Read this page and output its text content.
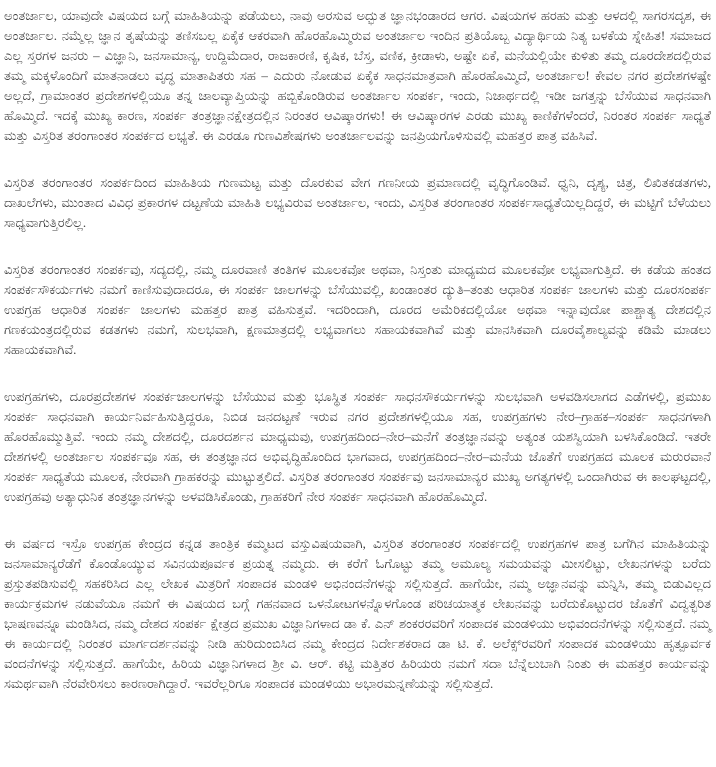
ಅಂತರ್ಜಾಲ, ಯಾವುದೇ ವಿಷಯದ ಬಗ್ಗೆ ಮಾಹಿತಿಯನ್ನು ಪಡೆಯಲು, ನಾವು ಅರಸುವ ಅದ್ಭುತ ಜ್ಞಾನಭಂಡಾರದ ಆಗರ. ವಿಷಯಗಳ ಹರಹು ಮತ್ತು ಆಳದಲ್ಲಿ ಸಾಗರಸದೃಶ, ಈ ಅಂತರ್ಜಾಲ. ನಮ್ಮೆಲ್ಲ ಜ್ಞಾನ ತೃಷೆಯನ್ನು ತಣಿಸಬಲ್ಲ ಏಕೈಕ ಆಕರವಾಗಿ ಹೊರಹೊಮ್ಮಿರುವ ಅಂತರ್ಜಾಲ ಇಂದಿನ ಪ್ರತಿಯೊಬ್ಬ ವಿದ್ಯಾರ್ಥಿಯ ನಿತ್ಯ ಬಳಕೆಯ ಸ್ನೇಹಿತ! ಸಮಾಜದ ಎಲ್ಲ ಸ್ತರಗಳ ಜನರು – ವಿಜ್ಞಾನಿ, ಜನಸಾಮಾನ್ಯ, ಉದ್ದಿಮೆದಾರ, ರಾಜಕಾರಣಿ, ಕೃಷಿಕ, ಬೆಸ್ತ, ವಣಿಕ, ಕ್ರೀಡಾಳು, ಅಷ್ಟೇ ಏಕೆ, ಮನೆಯಲ್ಲಿಯೇ ಕುಳಿತು ತಮ್ಮ ದೂರದೇಶದಲ್ಲಿರುವ ತಮ್ಮ ಮಕ್ಕಳೊಂದಿಗೆ ಮಾತನಾಡಲು ವೃದ್ಧ ಮಾತಾಪಿತರು ಸಹ – ಎದುರು ನೋಡುವ ಏಕೈಕ ಸಾಧನಮಾತ್ರವಾಗಿ ಹೊರಹೊಮ್ಮಿದೆ, ಅಂತರ್ಜಾಲ! ಕೇವಲ ನಗರ ಪ್ರದೇಶಗಳಷ್ಟೇ ಅಲ್ಲದೆ, ಗ್ರಾಮಾಂತರ ಪ್ರದೇಶಗಳಲ್ಲಿಯೂ ತನ್ನ ಜಾಲವ್ಯಾಪ್ತಿಯನ್ನು ಹಬ್ಬಿಕೊಂಡಿರುವ ಅಂತರ್ಜಾಲ ಸಂಪರ್ಕ, ಇಂದು, ನಿಜಾರ್ಥದಲ್ಲಿ ಇಡೀ ಜಗತ್ತನ್ನು ಬೆಸೆಯುವ ಸಾಧನವಾಗಿ ಹೊಮ್ಮಿದೆ. ಇದಕ್ಕೆ ಮುಖ್ಯ ಕಾರಣ, ಸಂಪರ್ಕ ತಂತ್ರಜ್ಞಾನಕ್ಷೇತ್ರದಲ್ಲಿನ ನಿರಂತರ ಆವಿಷ್ಕಾರಗಳು! ಈ ಆವಿಷ್ಕಾರಗಳ ಎರಡು ಮುಖ್ಯ ಕಾಣಿಕೆಗಳೆಂದರೆ, ನಿರಂತರ ಸಂಪರ್ಕ ಸಾಧ್ಯತೆ ಮತ್ತು ವಿಸ್ತರಿತ ತರಂಗಾಂತರ ಸಂಪರ್ಕದ ಲಭ್ಯತೆ. ಈ ಎರಡೂ ಗುಣವಿಶೇಷಗಳು ಅಂತರ್ಜಾಲವನ್ನು ಜನಪ್ರಿಯಗೊಳಿಸುವಲ್ಲಿ ಮಹತ್ತರ ಪಾತ್ರ ವಹಿಸಿವೆ.

ವಿಸ್ತರಿತ ತರಂಗಾಂತರ ಸಂಪರ್ಕದಿಂದ ಮಾಹಿತಿಯ ಗುಣಮಟ್ಟ ಮತ್ತು ದೊರಕುವ ವೇಗ ಗಣನೀಯ ಪ್ರಮಾಣದಲ್ಲಿ ವೃದ್ಧಿಗೊಂಡಿವೆ. ಧ್ವನಿ, ದೃಶ್ಯ, ಚಿತ್ರ, ಲಿಖಿತಕಡತಗಳು, ದಾಖಲೆಗಳು, ಮುಂತಾದ ವಿವಿಧ ಪ್ರಕಾರಗಳ ದಟ್ಟಣೆಯ ಮಾಹಿತಿ ಲಭ್ಯವಿರುವ ಅಂತರ್ಜಾಲ, ಇಂದು, ವಿಸ್ತರಿತ ತರಂಗಾಂತರ ಸಂಪರ್ಕಸಾಧ್ಯತೆಯಿಲ್ಲದಿದ್ದರೆ, ಈ ಮಟ್ಟಿಗೆ ಬೆಳೆಯಲು ಸಾಧ್ಯವಾಗುತ್ತಿರಲಿಲ್ಲ.

ವಿಸ್ತರಿತ ತರಂಗಾಂತರ ಸಂಪರ್ಕವು, ಸದ್ಯದಲ್ಲಿ, ನಮ್ಮ ದೂರವಾಣಿ ತಂತಿಗಳ ಮೂಲಕವೋ ಅಥವಾ, ನಿಸ್ತಂತು ಮಾಧ್ಯಮದ ಮೂಲಕವೋ ಲಭ್ಯವಾಗುತ್ತಿದೆ. ಈ ಕಡೆಯ ಹಂತದ ಸಂಪರ್ಕಸೌಕರ್ಯಗಳು ನಮಗೆ ಕಾಣಿಸುವುದಾದರೂ, ಈ ಸಂಪರ್ಕ ಜಾಲಗಳನ್ನು ಬೆಸೆಯುವಲ್ಲಿ, ಖಂಡಾಂತರ ದ್ಯುತಿ–ತಂತು ಆಧಾರಿತ ಸಂಪರ್ಕ ಜಾಲಗಳು ಮತ್ತು ದೂರಸಂಪರ್ಕ ಉಪಗ್ರಹ ಆಧಾರಿತ ಸಂಪರ್ಕ ಜಾಲಗಳು ಮಹತ್ತರ ಪಾತ್ರ ವಹಿಸುತ್ತವೆ. ಇದರಿಂದಾಗಿ, ದೂರದ ಅಮೆರಿಕದಲ್ಲಿಯೋ ಅಥವಾ ಇನ್ನಾವುದೋ ಪಾಶ್ಚಾತ್ಯ ದೇಶದಲ್ಲಿನ ಗಣಕಯಂತ್ರದಲ್ಲಿರುವ ಕಡತಗಳು ನಮಗೆ, ಸುಲಭವಾಗಿ, ಕ್ಷಣಮಾತ್ರದಲ್ಲಿ ಲಭ್ಯವಾಗಲು ಸಹಾಯಕವಾಗಿವೆ ಮತ್ತು ಮಾನಸಿಕವಾಗಿ ದೂರವೈಶಾಲ್ಯವನ್ನು ಕಡಿಮೆ ಮಾಡಲು ಸಹಾಯಕವಾಗಿವೆ.

ಉಪಗ್ರಹಗಳು, ದೂರಪ್ರದೇಶಗಳ ಸಂಪರ್ಕಜಾಲಗಳನ್ನು ಬೆಸೆಯುವ ಮತ್ತು ಭೂಸ್ಥಿತ ಸಂಪರ್ಕ ಸಾಧನಸೌಕರ್ಯಗಳನ್ನು ಸುಲಭವಾಗಿ ಅಳವಡಿಸಲಾಗದ ಎಡೆಗಳಲ್ಲಿ, ಪ್ರಮುಖ ಸಂಪರ್ಕ ಸಾಧನವಾಗಿ ಕಾರ್ಯನಿರ್ವಹಿಸುತ್ತಿದ್ದರೂ, ನಿಬಿಡ ಜನದಟ್ಟಣೆ ಇರುವ ನಗರ ಪ್ರದೇಶಗಳಲ್ಲಿಯೂ ಸಹ, ಉಪಗ್ರಹಗಳು ನೇರ–ಗ್ರಾಹಕ–ಸಂಪರ್ಕ ಸಾಧನಗಳಾಗಿ ಹೊರಹೊಮ್ಮುತ್ತಿವೆ. ಇಂದು ನಮ್ಮ ದೇಶದಲ್ಲಿ, ದೂರದರ್ಶನ ಮಾಧ್ಯಮವು, ಉಪಗ್ರಹದಿಂದ–ನೇರ–ಮನೆಗೆ ತಂತ್ರಜ್ಞಾನವನ್ನು ಅತ್ಯಂತ ಯಶಸ್ವಿಯಾಗಿ ಬಳಸಿಕೊಂಡಿದೆ. ಇತರೇ ದೇಶಗಳಲ್ಲಿ ಅಂತರ್ಜಾಲ ಸಂಪರ್ಕವೂ ಸಹ, ಈ ತಂತ್ರಜ್ಞಾನದ ಅಭಿವೃದ್ಧಿಹೊಂದಿದ ಭಾಗವಾದ, ಉಪಗ್ರಹದಿಂದ–ನೇರ–ಮನೆಯ ಜೊತೆಗೆ ಉಪಗ್ರಹದ ಮೂಲಕ ಮರುರವಾನೆ ಸಂಪರ್ಕ ಸಾಧ್ಯತೆಯ ಮೂಲಕ, ನೇರವಾಗಿ ಗ್ರಾಹಕರನ್ನು ಮುಟ್ಟುತ್ತಲಿದೆ. ವಿಸ್ತರಿತ ತರಂಗಾಂತರ ಸಂಪರ್ಕವು ಜನಸಾಮಾನ್ಯರ ಮುಖ್ಯ ಅಗತ್ಯಗಳಲ್ಲಿ ಒಂದಾಗಿರುವ ಈ ಕಾಲಘಟ್ಟದಲ್ಲಿ, ಉಪಗ್ರಹವು ಅತ್ಯಾಧುನಿಕ ತಂತ್ರಜ್ಞಾನಗಳನ್ನು ಅಳವಡಿಸಿಕೊಂಡು, ಗ್ರಾಹಕರಿಗೆ ನೇರ ಸಂಪರ್ಕ ಸಾಧನವಾಗಿ ಹೊರಹೊಮ್ಮಿದೆ.

ಈ ವರ್ಷದ ಇಸ್ರೊ ಉಪಗ್ರಹ ಕೇಂದ್ರದ ಕನ್ನಡ ತಾಂತ್ರಿಕ ಕಮ್ಮಟದ ವಸ್ತುವಿಷಯವಾಗಿ, ವಿಸ್ತರಿತ ತರಂಗಾಂತರ ಸಂಪರ್ಕದಲ್ಲಿ ಉಪಗ್ರಹಗಳ ಪಾತ್ರ ಬಗೆಗಿನ ಮಾಹಿತಿಯನ್ನು ಜನಸಾಮಾನ್ಯರೆಡೆಗೆ ಕೊಂಡೊಯ್ಯುವ ಸವಿನಯಪೂರ್ವಕ ಪ್ರಯತ್ನ ನಮ್ಮದು. ಈ ಕರೆಗೆ ಓಗೊಟ್ಟು ತಮ್ಮ ಅಮೂಲ್ಯ ಸಮಯವನ್ನು ಮೀಸಲಿಟ್ಟು, ಲೇಖನಗಳನ್ನು ಬರೆದು ಪ್ರಸ್ತುತಪಡಿಸುವಲ್ಲಿ ಸಹಕರಿಸಿದ ಎಲ್ಲ ಲೇಖಕ ಮಿತ್ರರಿಗೆ ಸಂಪಾದಕ ಮಂಡಳಿ ಅಭಿನಂದನೆಗಳನ್ನು ಸಲ್ಲಿಸುತ್ತದೆ. ಹಾಗೆಯೇ, ನಮ್ಮ ಅಜ್ಞಾನವನ್ನು ಮನ್ನಿಸಿ, ತಮ್ಮ ಬಿಡುವಿಲ್ಲದ ಕಾರ್ಯಕ್ರಮಗಳ ನಡುವೆಯೂ ನಮಗೆ ಈ ವಿಷಯದ ಬಗ್ಗೆ ಗಹನವಾದ ಒಳನೋಟಗಳನ್ನೊಳಗೊಂಡ ಪರಿಚಯಾತ್ಮಕ ಲೇಖನವನ್ನು ಬರೆದುಕೊಟ್ಟುದರ ಜೊತೆಗೆ ವಿದ್ವತ್ಭರಿತ ಭಾಷಣವನ್ನೂ ಮಂಡಿಸಿದ, ನಮ್ಮ ದೇಶದ ಸಂಪರ್ಕ ಕ್ಷೇತ್ರದ ಪ್ರಮುಖ ವಿಜ್ಞಾನಿಗಳಾದ ಡಾ ಕೆ. ಎನ್ ಶಂಕರರವರಿಗೆ ಸಂಪಾದಕ ಮಂಡಳಿಯು ಅಭಿವಂದನೆಗಳನ್ನು ಸಲ್ಲಿಸುತ್ತದೆ. ನಮ್ಮ ಈ ಕಾರ್ಯದಲ್ಲಿ ನಿರಂತರ ಮಾರ್ಗದರ್ಶನವನ್ನು ನೀಡಿ ಹುರಿದುಂಬಿಸಿದ ನಮ್ಮ ಕೇಂದ್ರದ ನಿರ್ದೇಶಕರಾದ ಡಾ ಟಿ. ಕೆ. ಅಲೆಕ್ಸ್‌ರವರಿಗೆ ಸಂಪಾದಕ ಮಂಡಳಿಯು ಹೃತ್ಪೂರ್ವಕ ವಂದನೆಗಳನ್ನು ಸಲ್ಲಿಸುತ್ತದೆ. ಹಾಗೆಯೇ, ಹಿರಿಯ ವಿಜ್ಞಾನಿಗಳಾದ ಶ್ರೀ ವಿ. ಆರ್. ಕಟ್ಟಿ ಮತ್ತಿತರ ಹಿರಿಯರು ನಮಗೆ ಸದಾ ಬೆನ್ನೆಲುಬಾಗಿ ನಿಂತು ಈ ಮಹತ್ತರ ಕಾರ್ಯವನ್ನು ಸಮರ್ಥವಾಗಿ ನೆರವೇರಿಸಲು ಕಾರಣರಾಗಿದ್ದಾರೆ. ಇವರೆಲ್ಲರಿಗೂ ಸಂಪಾದಕ ಮಂಡಳಿಯು ಅಭಾರಮನ್ನಣೆಯನ್ನು ಸಲ್ಲಿಸುತ್ತದೆ.
